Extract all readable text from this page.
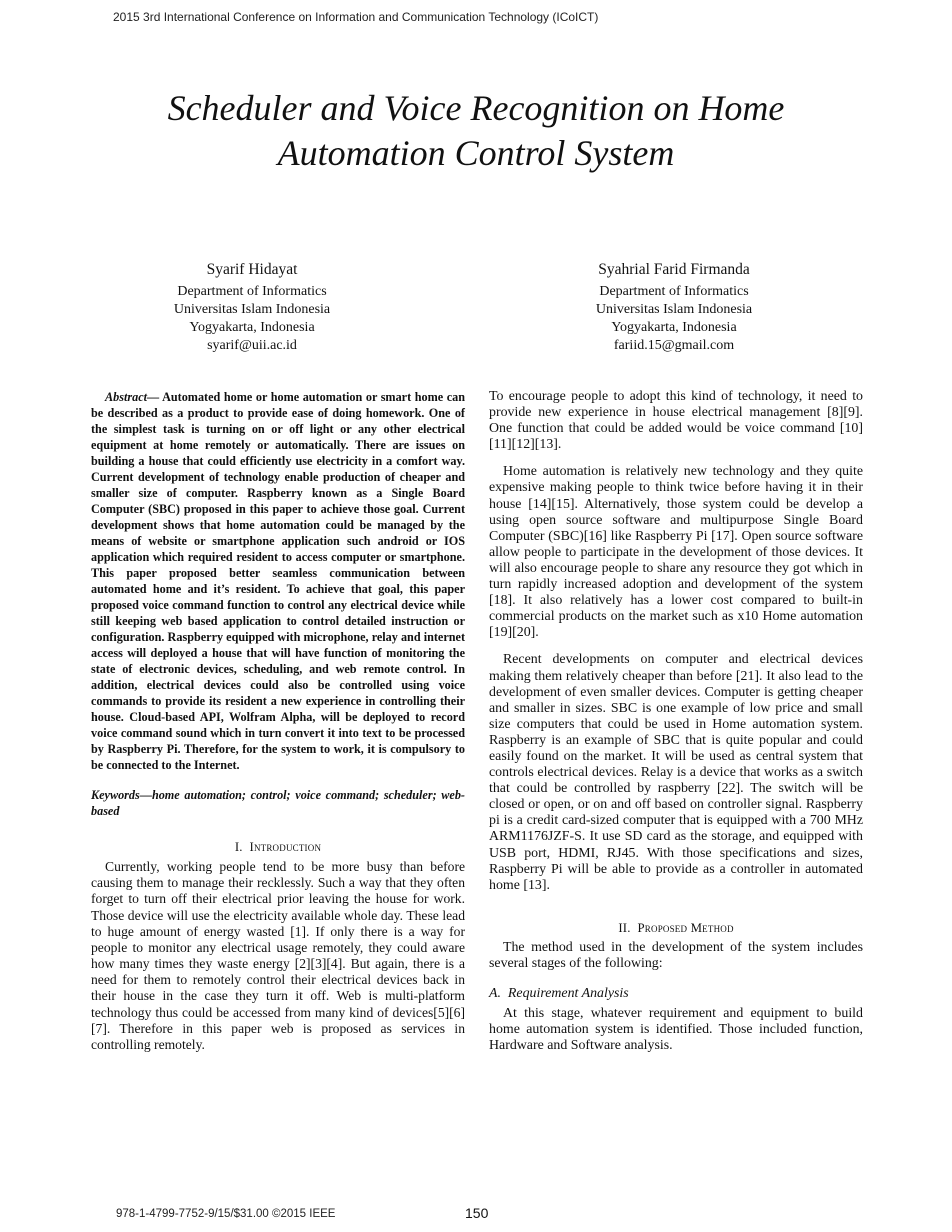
2015 3rd International Conference on Information and Communication Technology (ICoICT)
Scheduler and Voice Recognition on Home
Automation Control System
Syarif Hidayat
Department of Informatics
Universitas Islam Indonesia
Yogyakarta, Indonesia
syarif@uii.ac.id
Syahrial Farid Firmanda
Department of Informatics
Universitas Islam Indonesia
Yogyakarta, Indonesia
fariid.15@gmail.com

Abstract— Automated home or home automation or smart home can be described as a product to provide ease of doing homework. One of the simplest task is turning on or off light or any other electrical equipment at home remotely or automatically. There are issues on building a house that could efficiently use electricity in a comfort way. Current development of technology enable production of cheaper and smaller size of computer. Raspberry known as a Single Board Computer (SBC) proposed in this paper to achieve those goal. Current development shows that home automation could be managed by the means of website or smartphone application such android or IOS application which required resident to access computer or smartphone. This paper proposed better seamless communication between automated home and it’s resident. To achieve that goal, this paper proposed voice command function to control any electrical device while still keeping web based application to control detailed instruction or configuration. Raspberry equipped with microphone, relay and internet access will deployed a house that will have function of monitoring the state of electronic devices, scheduling, and web remote control. In addition, electrical devices could also be controlled using voice commands to provide its resident a new experience in controlling their house. Cloud-based API, Wolfram Alpha, will be deployed to record voice command sound which in turn convert it into text to be processed by Raspberry Pi. Therefore, for the system to work, it is compulsory to be connected to the Internet.

Keywords—home automation; control; voice command; scheduler; web-based

I. Introduction

Currently, working people tend to be more busy than before causing them to manage their recklessly. Such a way that they often forget to turn off their electrical prior leaving the house for work. Those device will use the electricity available whole day. These lead to huge amount of energy wasted [1]. If only there is a way for people to monitor any electrical usage remotely, they could aware how many times they waste energy [2][3][4]. But again, there is a need for them to remotely control their electrical devices back in their house in the case they turn it off. Web is multi-platform technology thus could be accessed from many kind of devices[5][6][7]. Therefore in this paper web is proposed as services in controlling remotely.

To encourage people to adopt this kind of technology, it need to provide new experience in house electrical management [8][9]. One function that could be added would be voice command [10][11][12][13].

Home automation is relatively new technology and they quite expensive making people to think twice before having it in their house [14][15]. Alternatively, those system could be develop a using open source software and multipurpose Single Board Computer (SBC)[16] like Raspberry Pi [17]. Open source software allow people to participate in the development of those devices. It will also encourage people to share any resource they got which in turn rapidly increased adoption and development of the system [18]. It also relatively has a lower cost compared to built-in commercial products on the market such as x10 Home automation [19][20].

Recent developments on computer and electrical devices making them relatively cheaper than before [21]. It also lead to the development of even smaller devices. Computer is getting cheaper and smaller in sizes. SBC is one example of low price and small size computers that could be used in Home automation system. Raspberry is an example of SBC that is quite popular and could easily found on the market. It will be used as central system that controls electrical devices. Relay is a device that works as a switch that could be controlled by raspberry [22]. The switch will be closed or open, or on and off based on controller signal. Raspberry pi is a credit card-sized computer that is equipped with a 700 MHz ARM1176JZF-S. It use SD card as the storage, and equipped with USB port, HDMI, RJ45. With those specifications and sizes, Raspberry Pi will be able to provide as a controller in automated home [13].

II. Proposed Method

The method used in the development of the system includes several stages of the following:

A. Requirement Analysis

At this stage, whatever requirement and equipment to build home automation system is identified. Those included function, Hardware and Software analysis.

978-1-4799-7752-9/15/$31.00 ©2015 IEEE	150
